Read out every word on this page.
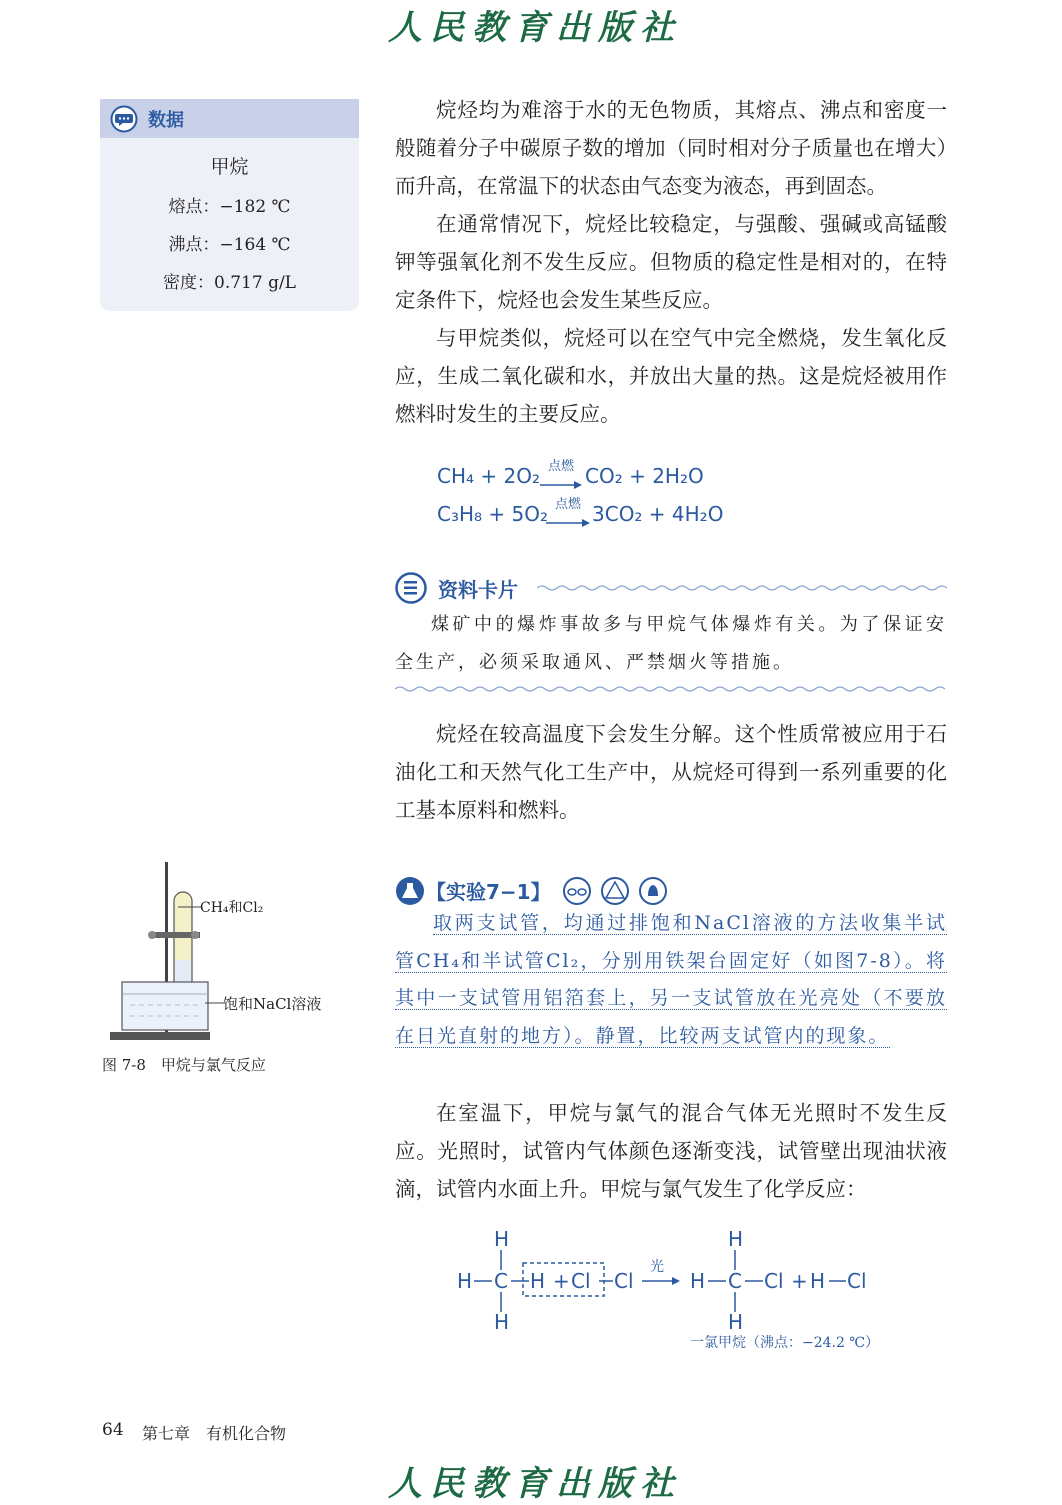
人民教育出版社
数据
甲烷
熔点：−182 ℃
沸点：−164 ℃
密度：0.717 g/L

烷烃均为难溶于水的无色物质，其熔点、沸点和密度一般随着分子中碳原子数的增加（同时相对分子质量也在增大）而升高，在常温下的状态由气态变为液态，再到固态。

在通常情况下，烷烃比较稳定，与强酸、强碱或高锰酸钾等强氧化剂不发生反应。但物质的稳定性是相对的，在特定条件下，烷烃也会发生某些反应。

与甲烷类似，烷烃可以在空气中完全燃烧，发生氧化反应，生成二氧化碳和水，并放出大量的热。这是烷烃被用作燃料时发生的主要反应。

CH₄ + 2O₂ 点燃 CO₂ + 2H₂O
C₃H₈ + 5O₂ 点燃 3CO₂ + 4H₂O
资料卡片
煤矿中的爆炸事故多与甲烷气体爆炸有关。为了保证安全生产，必须采取通风、严禁烟火等措施。

烷烃在较高温度下会发生分解。这个性质常被应用于石油化工和天然气化工生产中，从烷烃可得到一系列重要的化工基本原料和燃料。

CH₄和Cl₂
饱和NaCl溶液
图 7-8　甲烷与氯气反应
【实验7−1】

取两支试管，均通过排饱和NaCl溶液的方法收集半试管CH₄和半试管Cl₂，分别用铁架台固定好（如图7-8）。将其中一支试管用铝箔套上，另一支试管放在光亮处（不要放在日光直射的地方）。静置，比较两支试管内的现象。

在室温下，甲烷与氯气的混合气体无光照时不发生反应。光照时，试管内气体颜色逐渐变浅，试管壁出现油状液滴，试管内水面上升。甲烷与氯气发生了化学反应：

H
H C H
H
+ Cl Cl
光
H
H C Cl
H
+ H Cl
一氯甲烷（沸点：−24.2 ℃）
64 第七章　有机化合物
人民教育出版社
